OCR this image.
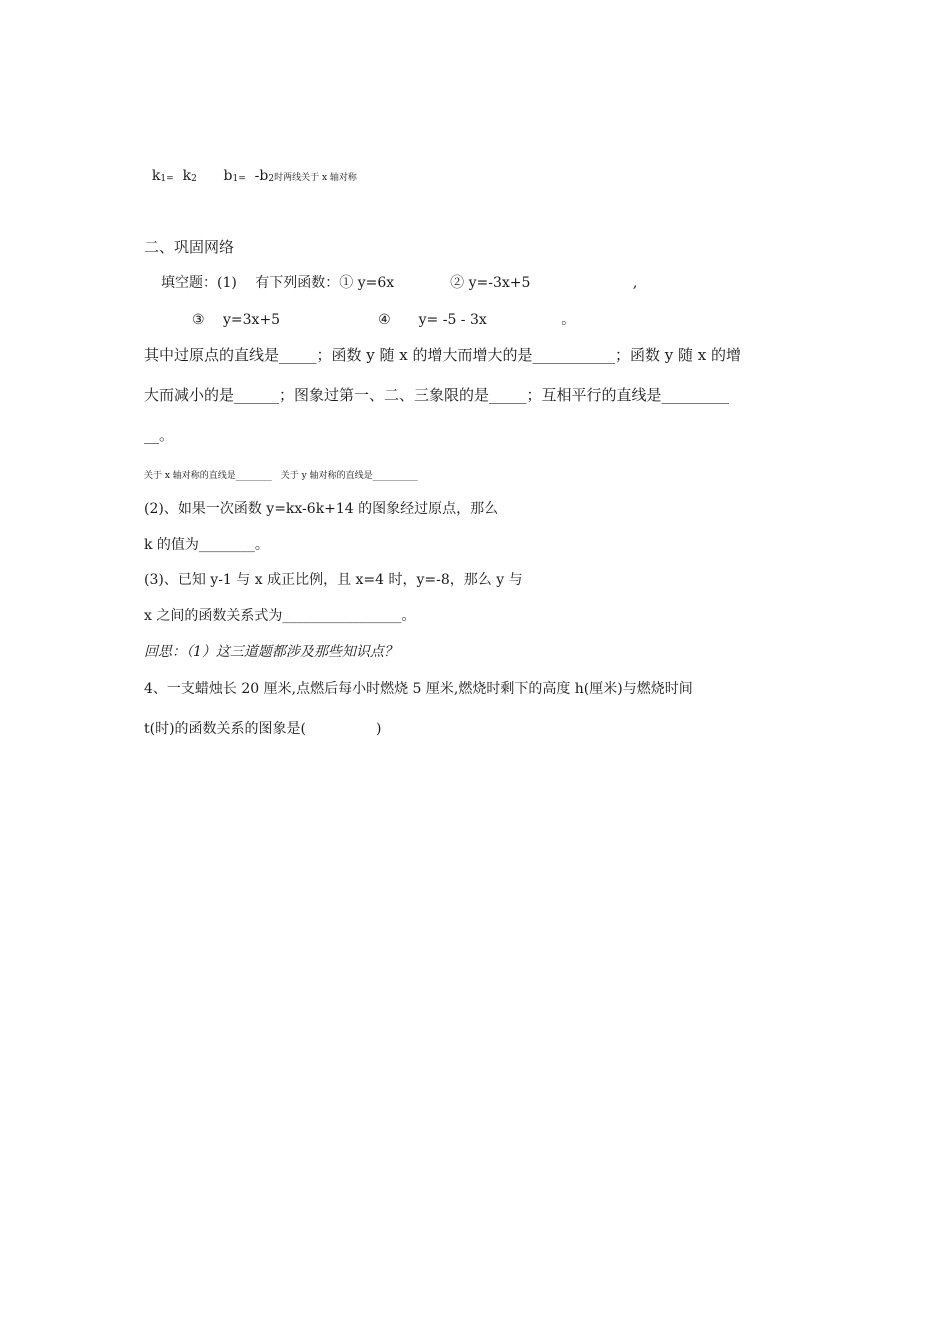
k1= k2 b1= -b2时两线关于 x 轴对称

二、巩固网络
填空题：(1)　 有下列函数：① y=6x　　　　② y=-3x+5　　　　　　　 ,
③　 y=3x+5　　　　　　　④　　y= -5 - 3x　　　　　 。
其中过原点的直线是_____；函数 y 随 x 的增大而增大的是___________；函数 y 随 x 的增
大而减小的是______；图象过第一、二、三象限的是_____；互相平行的直线是_________
__。
关于 x 轴对称的直线是________　关于 y 轴对称的直线是__________
(2)、如果一次函数 y=kx-6k+14 的图象经过原点，那么
k 的值为________。
(3)、已知 y-1 与 x 成正比例，且 x=4 时，y=-8，那么 y 与
x 之间的函数关系式为_________________。
回思：（1）这三道题都涉及那些知识点？
4、一支蜡烛长 20 厘米,点燃后每小时燃烧 5 厘米,燃烧时剩下的高度 h(厘米)与燃烧时间
t(时)的函数关系的图象是(　　　　　)
